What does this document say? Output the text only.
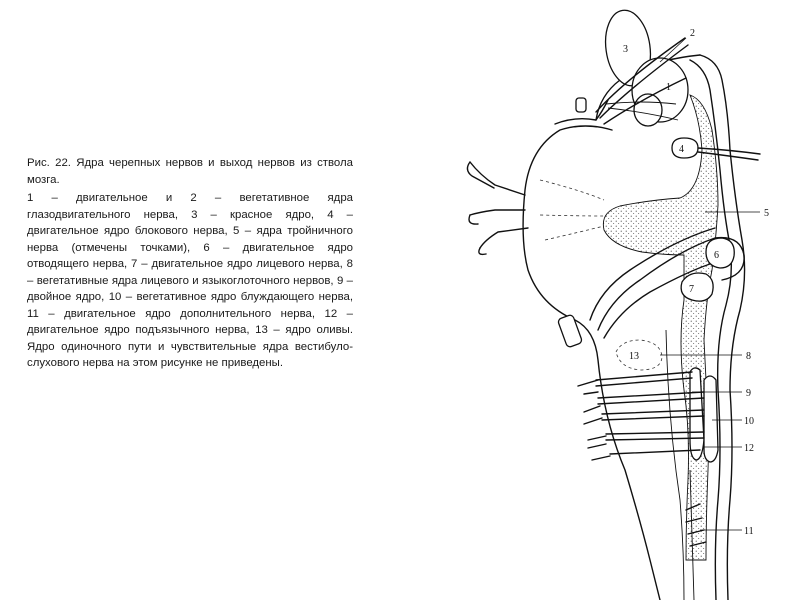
Рис. 22. Ядра черепных нервов и выход нервов из ствола мозга.

1 – двигательное и 2 – вегетативное ядра глазодвигательного нерва, 3 – красное ядро, 4 – двигательное ядро блокового нерва, 5 – ядра тройничного нерва (отмечены точками), 6 – двигательное ядро отводящего нерва, 7 – двигательное ядро лицевого нерва, 8 – вегетативные ядра лицевого и языкоглоточного нервов, 9 – двойное ядро, 10 – вегетативное ядро блуждающего нерва, 11 – двигательное ядро дополнительного нерва, 12 – двигательное ядро подъязычного нерва, 13 – ядро оливы. Ядро одиночного пути и чувствительные ядра вестибуло-слухового нерва на этом рисунке не приведены.

2
3
1
4
5
6
7
13	8
9
10
12
11
